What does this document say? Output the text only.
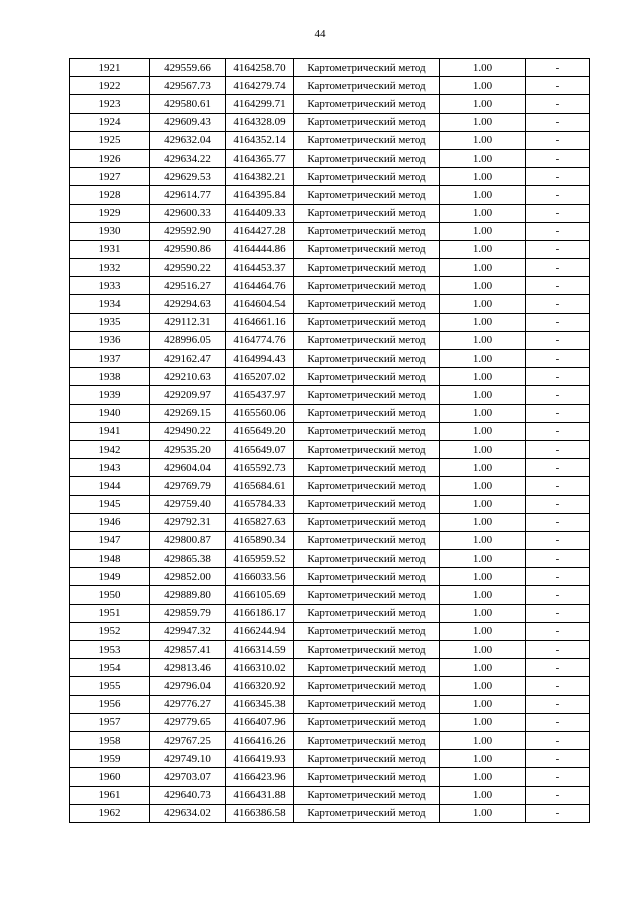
44
1921	429559.66	4164258.70	Картометрический метод	1.00	-
1922	429567.73	4164279.74	Картометрический метод	1.00	-
1923	429580.61	4164299.71	Картометрический метод	1.00	-
1924	429609.43	4164328.09	Картометрический метод	1.00	-
1925	429632.04	4164352.14	Картометрический метод	1.00	-
1926	429634.22	4164365.77	Картометрический метод	1.00	-
1927	429629.53	4164382.21	Картометрический метод	1.00	-
1928	429614.77	4164395.84	Картометрический метод	1.00	-
1929	429600.33	4164409.33	Картометрический метод	1.00	-
1930	429592.90	4164427.28	Картометрический метод	1.00	-
1931	429590.86	4164444.86	Картометрический метод	1.00	-
1932	429590.22	4164453.37	Картометрический метод	1.00	-
1933	429516.27	4164464.76	Картометрический метод	1.00	-
1934	429294.63	4164604.54	Картометрический метод	1.00	-
1935	429112.31	4164661.16	Картометрический метод	1.00	-
1936	428996.05	4164774.76	Картометрический метод	1.00	-
1937	429162.47	4164994.43	Картометрический метод	1.00	-
1938	429210.63	4165207.02	Картометрический метод	1.00	-
1939	429209.97	4165437.97	Картометрический метод	1.00	-
1940	429269.15	4165560.06	Картометрический метод	1.00	-
1941	429490.22	4165649.20	Картометрический метод	1.00	-
1942	429535.20	4165649.07	Картометрический метод	1.00	-
1943	429604.04	4165592.73	Картометрический метод	1.00	-
1944	429769.79	4165684.61	Картометрический метод	1.00	-
1945	429759.40	4165784.33	Картометрический метод	1.00	-
1946	429792.31	4165827.63	Картометрический метод	1.00	-
1947	429800.87	4165890.34	Картометрический метод	1.00	-
1948	429865.38	4165959.52	Картометрический метод	1.00	-
1949	429852.00	4166033.56	Картометрический метод	1.00	-
1950	429889.80	4166105.69	Картометрический метод	1.00	-
1951	429859.79	4166186.17	Картометрический метод	1.00	-
1952	429947.32	4166244.94	Картометрический метод	1.00	-
1953	429857.41	4166314.59	Картометрический метод	1.00	-
1954	429813.46	4166310.02	Картометрический метод	1.00	-
1955	429796.04	4166320.92	Картометрический метод	1.00	-
1956	429776.27	4166345.38	Картометрический метод	1.00	-
1957	429779.65	4166407.96	Картометрический метод	1.00	-
1958	429767.25	4166416.26	Картометрический метод	1.00	-
1959	429749.10	4166419.93	Картометрический метод	1.00	-
1960	429703.07	4166423.96	Картометрический метод	1.00	-
1961	429640.73	4166431.88	Картометрический метод	1.00	-
1962	429634.02	4166386.58	Картометрический метод	1.00	-
